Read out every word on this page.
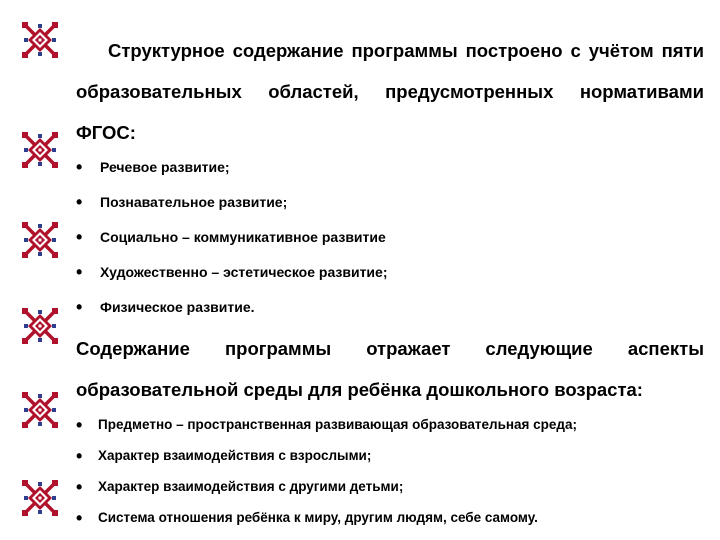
Структурное содержание программы построено с учётом пяти образовательных областей, предусмотренных нормативами ФГОС:

• Речевое развитие;
• Познавательное развитие;
• Социально – коммуникативное развитие
• Художественно – эстетическое развитие;
• Физическое развитие.

Содержание программы отражает следующие аспекты образовательной среды для ребёнка дошкольного возраста:

• Предметно – пространственная развивающая образовательная среда;
• Характер взаимодействия с взрослыми;
• Характер взаимодействия с другими детьми;
• Система отношения ребёнка к миру, другим людям, себе самому.
